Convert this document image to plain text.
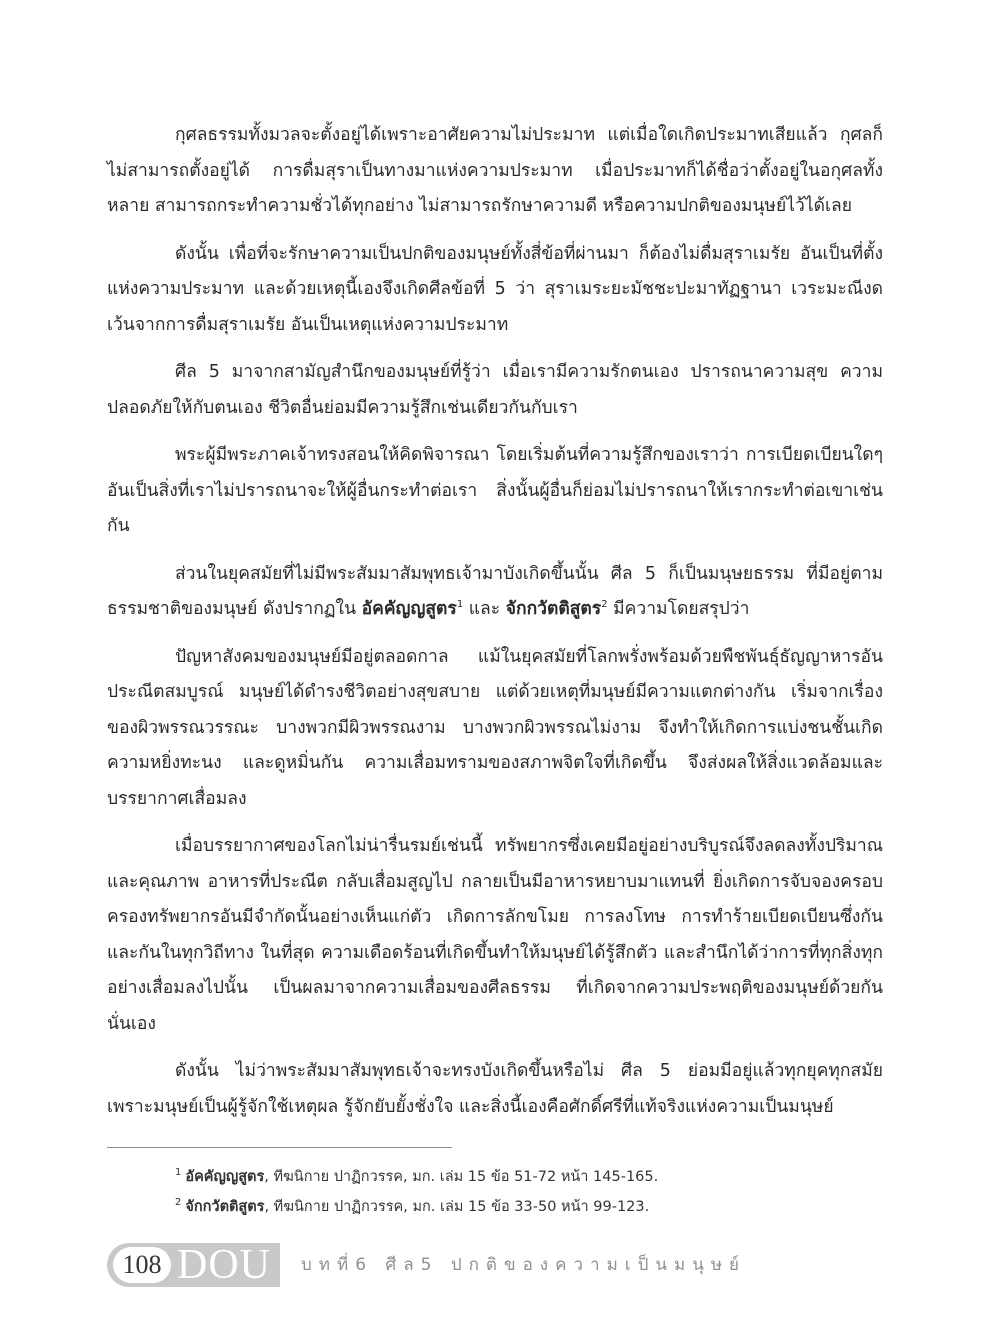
กุศลธรรมทั้งมวลจะตั้งอยู่ได้เพราะอาศัยความไม่ประมาท แต่เมื่อใดเกิดประมาทเสียแล้ว กุศลก็ไม่สามารถตั้งอยู่ได้ การดื่มสุราเป็นทางมาแห่งความประมาท เมื่อประมาทก็ได้ชื่อว่าตั้งอยู่ในอกุศลทั้งหลาย สามารถกระทำความชั่วได้ทุกอย่าง ไม่สามารถรักษาความดี หรือความปกติของมนุษย์ไว้ได้เลย

ดังนั้น เพื่อที่จะรักษาความเป็นปกติของมนุษย์ทั้งสี่ข้อที่ผ่านมา ก็ต้องไม่ดื่มสุราเมรัย อันเป็นที่ตั้งแห่งความประมาท และด้วยเหตุนี้เองจึงเกิดศีลข้อที่ 5 ว่า สุราเมระยะมัชชะปะมาทัฏฐานา เวระมะณีงดเว้นจากการดื่มสุราเมรัย อันเป็นเหตุแห่งความประมาท

ศีล 5 มาจากสามัญสำนึกของมนุษย์ที่รู้ว่า เมื่อเรามีความรักตนเอง ปรารถนาความสุข ความปลอดภัยให้กับตนเอง ชีวิตอื่นย่อมมีความรู้สึกเช่นเดียวกันกับเรา

พระผู้มีพระภาคเจ้าทรงสอนให้คิดพิจารณา โดยเริ่มต้นที่ความรู้สึกของเราว่า การเบียดเบียนใดๆ อันเป็นสิ่งที่เราไม่ปรารถนาจะให้ผู้อื่นกระทำต่อเรา สิ่งนั้นผู้อื่นก็ย่อมไม่ปรารถนาให้เรากระทำต่อเขาเช่นกัน

ส่วนในยุคสมัยที่ไม่มีพระสัมมาสัมพุทธเจ้ามาบังเกิดขึ้นนั้น ศีล 5 ก็เป็นมนุษยธรรม ที่มีอยู่ตามธรรมชาติของมนุษย์ ดังปรากฏใน อัคคัญญสูตร$^1$ และ จักกวัตติสูตร$^2$ มีความโดยสรุปว่า

ปัญหาสังคมของมนุษย์มีอยู่ตลอดกาล แม้ในยุคสมัยที่โลกพรั่งพร้อมด้วยพืชพันธุ์ธัญญาหารอันประณีตสมบูรณ์ มนุษย์ได้ดำรงชีวิตอย่างสุขสบาย แต่ด้วยเหตุที่มนุษย์มีความแตกต่างกัน เริ่มจากเรื่องของผิวพรรณวรรณะ บางพวกมีผิวพรรณงาม บางพวกผิวพรรณไม่งาม จึงทำให้เกิดการแบ่งชนชั้นเกิดความหยิ่งทะนง และดูหมิ่นกัน ความเสื่อมทรามของสภาพจิตใจที่เกิดขึ้น จึงส่งผลให้สิ่งแวดล้อมและบรรยากาศเสื่อมลง

เมื่อบรรยากาศของโลกไม่น่ารื่นรมย์เช่นนี้ ทรัพยากรซึ่งเคยมีอยู่อย่างบริบูรณ์จึงลดลงทั้งปริมาณและคุณภาพ อาหารที่ประณีต กลับเสื่อมสูญไป กลายเป็นมีอาหารหยาบมาแทนที่ ยิ่งเกิดการจับจองครอบครองทรัพยากรอันมีจำกัดนั้นอย่างเห็นแก่ตัว เกิดการลักขโมย การลงโทษ การทำร้ายเบียดเบียนซึ่งกันและกันในทุกวิถีทาง ในที่สุด ความเดือดร้อนที่เกิดขึ้นทำให้มนุษย์ได้รู้สึกตัว และสำนึกได้ว่าการที่ทุกสิ่งทุกอย่างเสื่อมลงไปนั้น เป็นผลมาจากความเสื่อมของศีลธรรม ที่เกิดจากความประพฤติของมนุษย์ด้วยกันนั่นเอง

ดังนั้น ไม่ว่าพระสัมมาสัมพุทธเจ้าจะทรงบังเกิดขึ้นหรือไม่ ศีล 5 ย่อมมีอยู่แล้วทุกยุคทุกสมัย เพราะมนุษย์เป็นผู้รู้จักใช้เหตุผล รู้จักยับยั้งชั่งใจ และสิ่งนี้เองคือศักดิ์ศรีที่แท้จริงแห่งความเป็นมนุษย์

$^1$ อัคคัญญสูตร, ทีฆนิกาย ปาฏิกวรรค, มก. เล่ม 15 ข้อ 51-72 หน้า 145-165.

$^2$ จักกวัตติสูตร, ทีฆนิกาย ปาฏิกวรรค, มก. เล่ม 15 ข้อ 33-50 หน้า 99-123.

108 DOU บทที่6 ศีล5 ปกติของความเป็นมนุษย์
